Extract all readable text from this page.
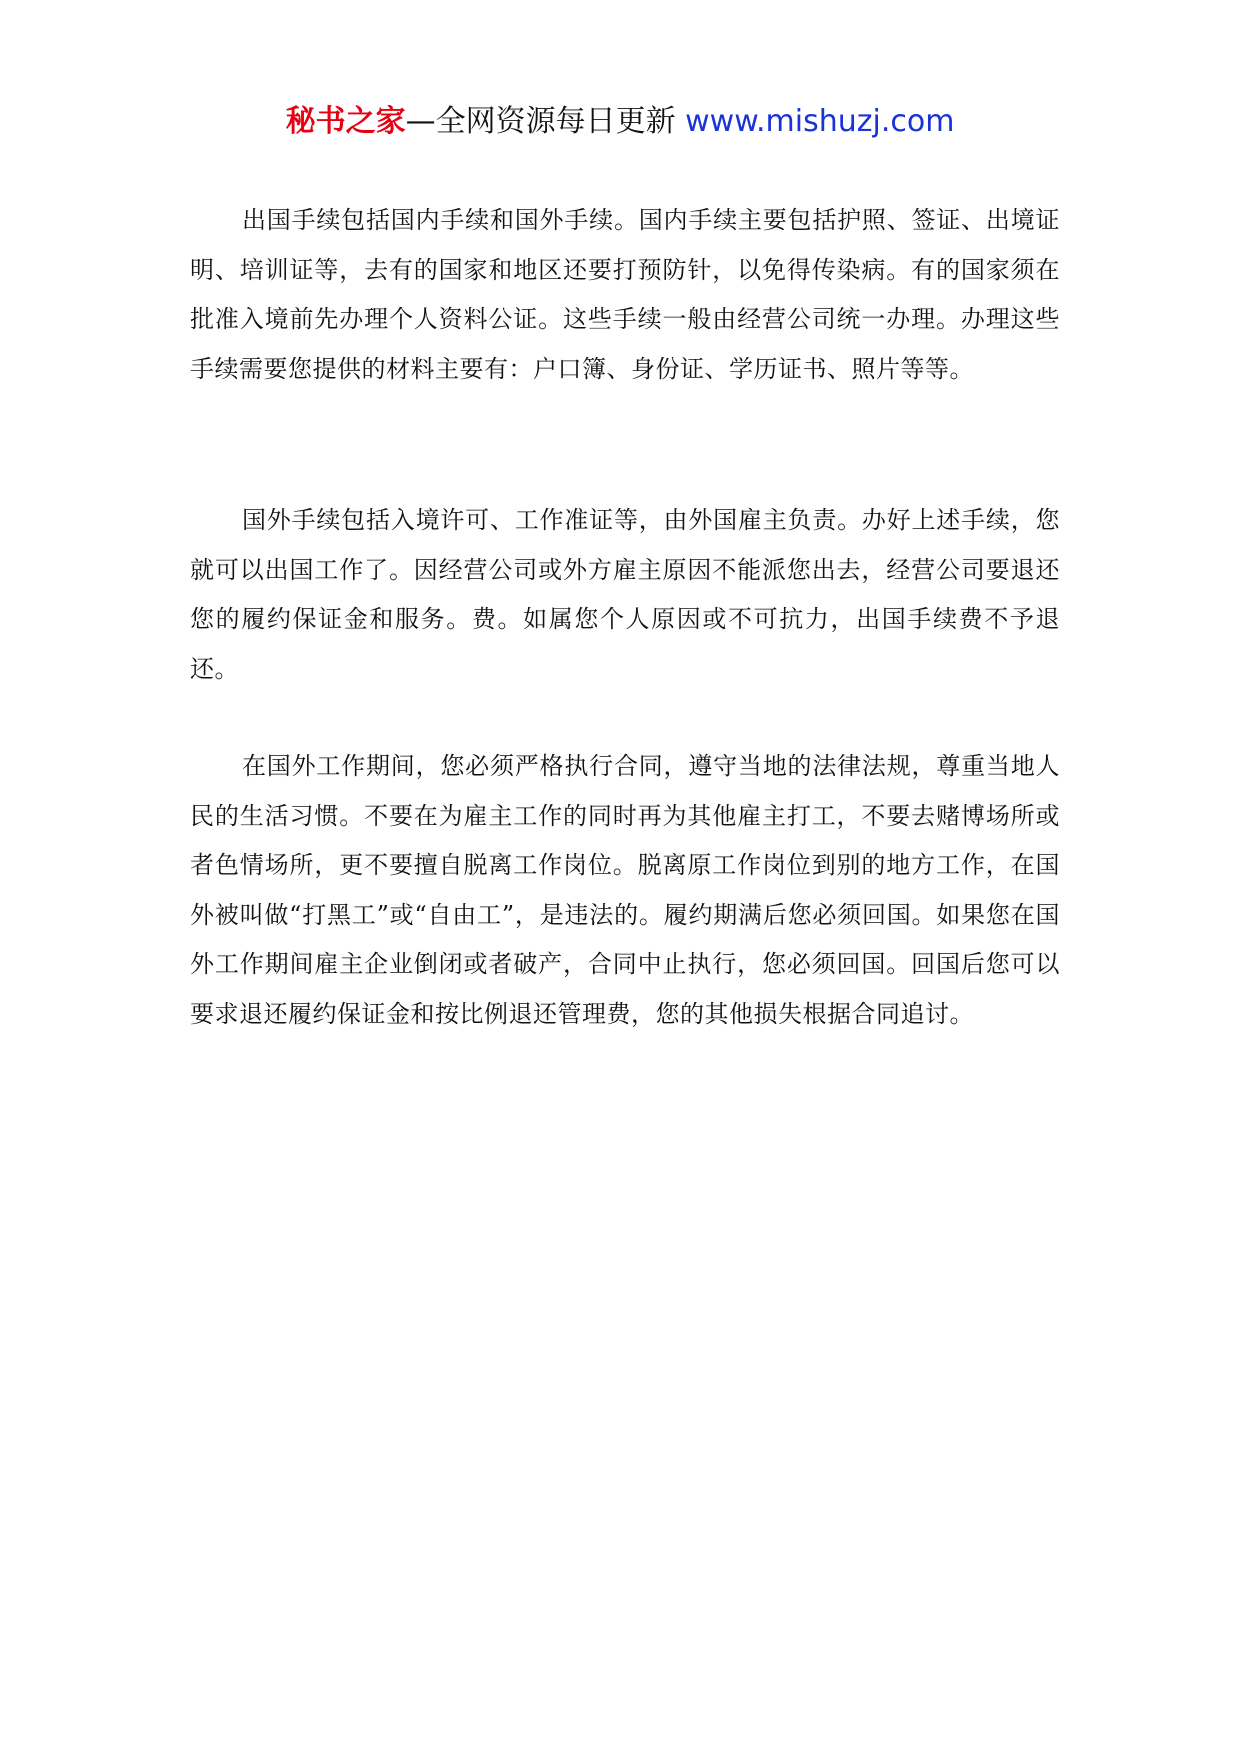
秘书之家—全网资源每日更新 www.mishuzj.com

出国手续包括国内手续和国外手续。国内手续主要包括护照、签证、出境证明、培训证等，去有的国家和地区还要打预防针，以免得传染病。有的国家须在批准入境前先办理个人资料公证。这些手续一般由经营公司统一办理。办理这些手续需要您提供的材料主要有：户口簿、身份证、学历证书、照片等等。

国外手续包括入境许可、工作准证等，由外国雇主负责。办好上述手续，您就可以出国工作了。因经营公司或外方雇主原因不能派您出去，经营公司要退还您的履约保证金和服务。费。如属您个人原因或不可抗力，出国手续费不予退还。

在国外工作期间，您必须严格执行合同，遵守当地的法律法规，尊重当地人民的生活习惯。不要在为雇主工作的同时再为其他雇主打工，不要去赌博场所或者色情场所，更不要擅自脱离工作岗位。脱离原工作岗位到别的地方工作，在国外被叫做“打黑工”或“自由工”，是违法的。履约期满后您必须回国。如果您在国外工作期间雇主企业倒闭或者破产，合同中止执行，您必须回国。回国后您可以要求退还履约保证金和按比例退还管理费，您的其他损失根据合同追讨。
